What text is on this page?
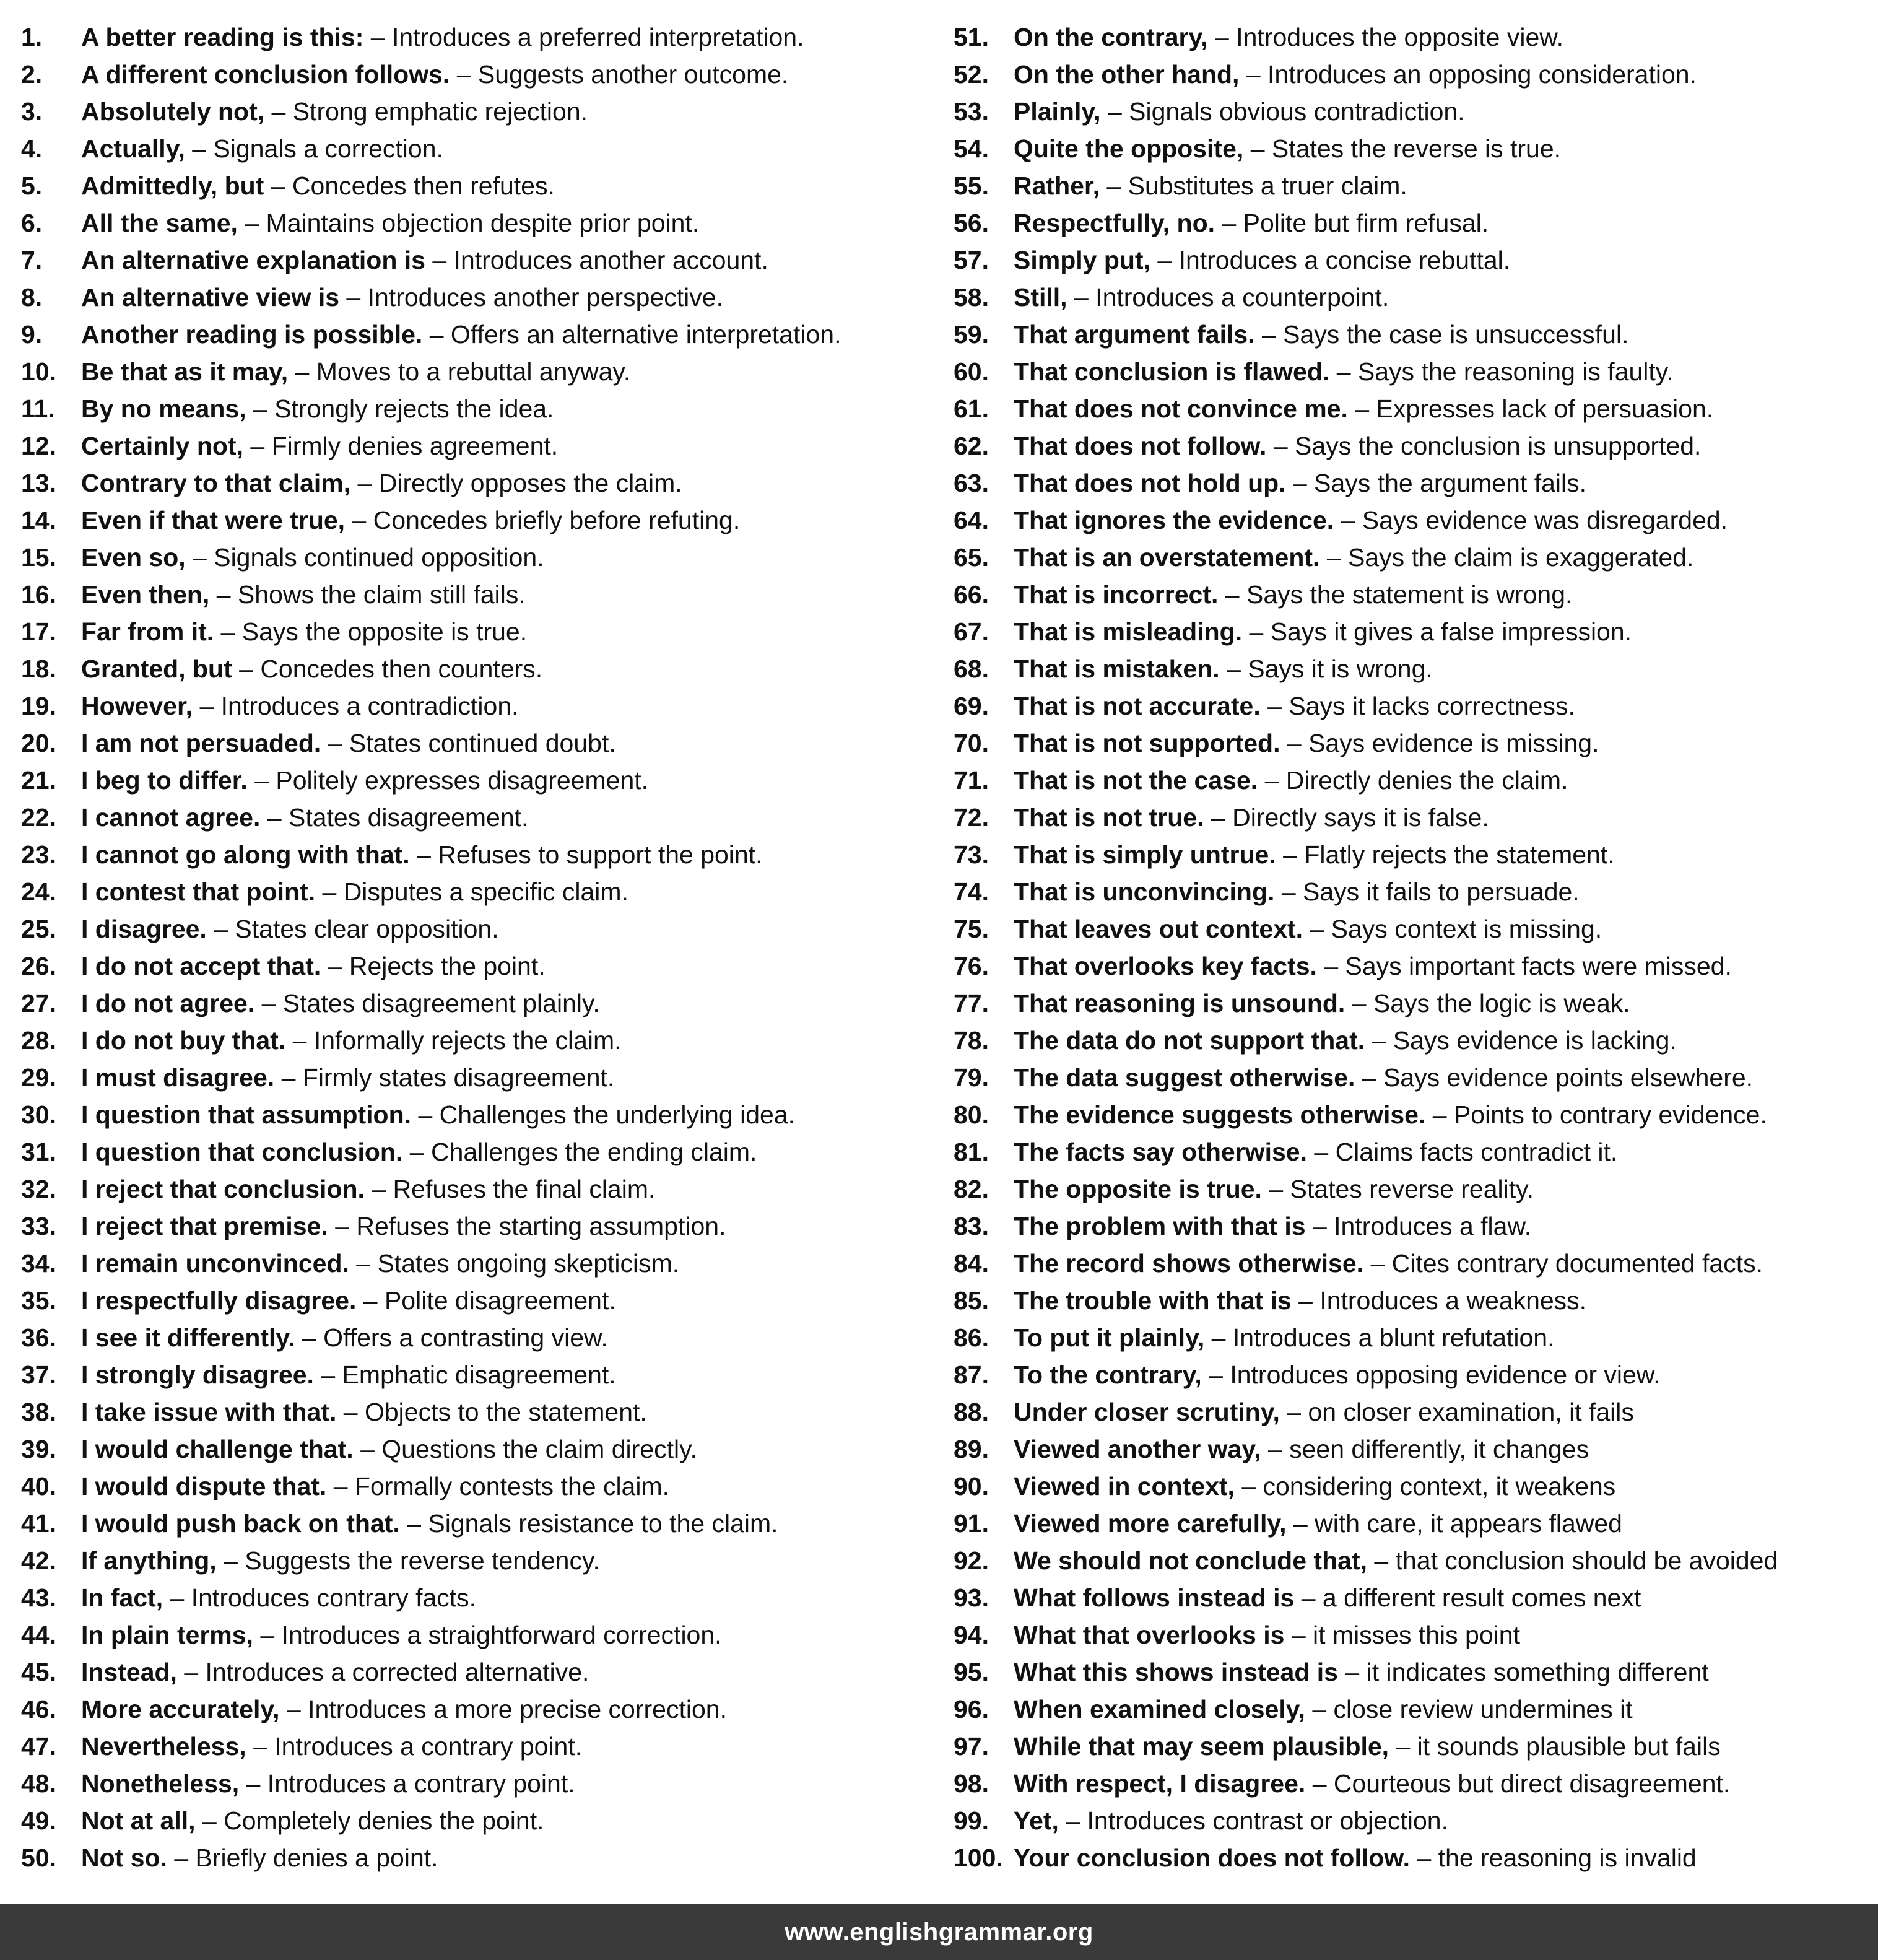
1. A better reading is this: – Introduces a preferred interpretation.
2. A different conclusion follows. – Suggests another outcome.
3. Absolutely not, – Strong emphatic rejection.
4. Actually, – Signals a correction.
5. Admittedly, but – Concedes then refutes.
6. All the same, – Maintains objection despite prior point.
7. An alternative explanation is – Introduces another account.
8. An alternative view is – Introduces another perspective.
9. Another reading is possible. – Offers an alternative interpretation.
10. Be that as it may, – Moves to a rebuttal anyway.
11. By no means, – Strongly rejects the idea.
12. Certainly not, – Firmly denies agreement.
13. Contrary to that claim, – Directly opposes the claim.
14. Even if that were true, – Concedes briefly before refuting.
15. Even so, – Signals continued opposition.
16. Even then, – Shows the claim still fails.
17. Far from it. – Says the opposite is true.
18. Granted, but – Concedes then counters.
19. However, – Introduces a contradiction.
20. I am not persuaded. – States continued doubt.
21. I beg to differ. – Politely expresses disagreement.
22. I cannot agree. – States disagreement.
23. I cannot go along with that. – Refuses to support the point.
24. I contest that point. – Disputes a specific claim.
25. I disagree. – States clear opposition.
26. I do not accept that. – Rejects the point.
27. I do not agree. – States disagreement plainly.
28. I do not buy that. – Informally rejects the claim.
29. I must disagree. – Firmly states disagreement.
30. I question that assumption. – Challenges the underlying idea.
31. I question that conclusion. – Challenges the ending claim.
32. I reject that conclusion. – Refuses the final claim.
33. I reject that premise. – Refuses the starting assumption.
34. I remain unconvinced. – States ongoing skepticism.
35. I respectfully disagree. – Polite disagreement.
36. I see it differently. – Offers a contrasting view.
37. I strongly disagree. – Emphatic disagreement.
38. I take issue with that. – Objects to the statement.
39. I would challenge that. – Questions the claim directly.
40. I would dispute that. – Formally contests the claim.
41. I would push back on that. – Signals resistance to the claim.
42. If anything, – Suggests the reverse tendency.
43. In fact, – Introduces contrary facts.
44. In plain terms, – Introduces a straightforward correction.
45. Instead, – Introduces a corrected alternative.
46. More accurately, – Introduces a more precise correction.
47. Nevertheless, – Introduces a contrary point.
48. Nonetheless, – Introduces a contrary point.
49. Not at all, – Completely denies the point.
50. Not so. – Briefly denies a point.
51. On the contrary, – Introduces the opposite view.
52. On the other hand, – Introduces an opposing consideration.
53. Plainly, – Signals obvious contradiction.
54. Quite the opposite, – States the reverse is true.
55. Rather, – Substitutes a truer claim.
56. Respectfully, no. – Polite but firm refusal.
57. Simply put, – Introduces a concise rebuttal.
58. Still, – Introduces a counterpoint.
59. That argument fails. – Says the case is unsuccessful.
60. That conclusion is flawed. – Says the reasoning is faulty.
61. That does not convince me. – Expresses lack of persuasion.
62. That does not follow. – Says the conclusion is unsupported.
63. That does not hold up. – Says the argument fails.
64. That ignores the evidence. – Says evidence was disregarded.
65. That is an overstatement. – Says the claim is exaggerated.
66. That is incorrect. – Says the statement is wrong.
67. That is misleading. – Says it gives a false impression.
68. That is mistaken. – Says it is wrong.
69. That is not accurate. – Says it lacks correctness.
70. That is not supported. – Says evidence is missing.
71. That is not the case. – Directly denies the claim.
72. That is not true. – Directly says it is false.
73. That is simply untrue. – Flatly rejects the statement.
74. That is unconvincing. – Says it fails to persuade.
75. That leaves out context. – Says context is missing.
76. That overlooks key facts. – Says important facts were missed.
77. That reasoning is unsound. – Says the logic is weak.
78. The data do not support that. – Says evidence is lacking.
79. The data suggest otherwise. – Says evidence points elsewhere.
80. The evidence suggests otherwise. – Points to contrary evidence.
81. The facts say otherwise. – Claims facts contradict it.
82. The opposite is true. – States reverse reality.
83. The problem with that is – Introduces a flaw.
84. The record shows otherwise. – Cites contrary documented facts.
85. The trouble with that is – Introduces a weakness.
86. To put it plainly, – Introduces a blunt refutation.
87. To the contrary, – Introduces opposing evidence or view.
88. Under closer scrutiny, – on closer examination, it fails
89. Viewed another way, – seen differently, it changes
90. Viewed in context, – considering context, it weakens
91. Viewed more carefully, – with care, it appears flawed
92. We should not conclude that, – that conclusion should be avoided
93. What follows instead is – a different result comes next
94. What that overlooks is – it misses this point
95. What this shows instead is – it indicates something different
96. When examined closely, – close review undermines it
97. While that may seem plausible, – it sounds plausible but fails
98. With respect, I disagree. – Courteous but direct disagreement.
99. Yet, – Introduces contrast or objection.
100. Your conclusion does not follow. – the reasoning is invalid
www.englishgrammar.org
